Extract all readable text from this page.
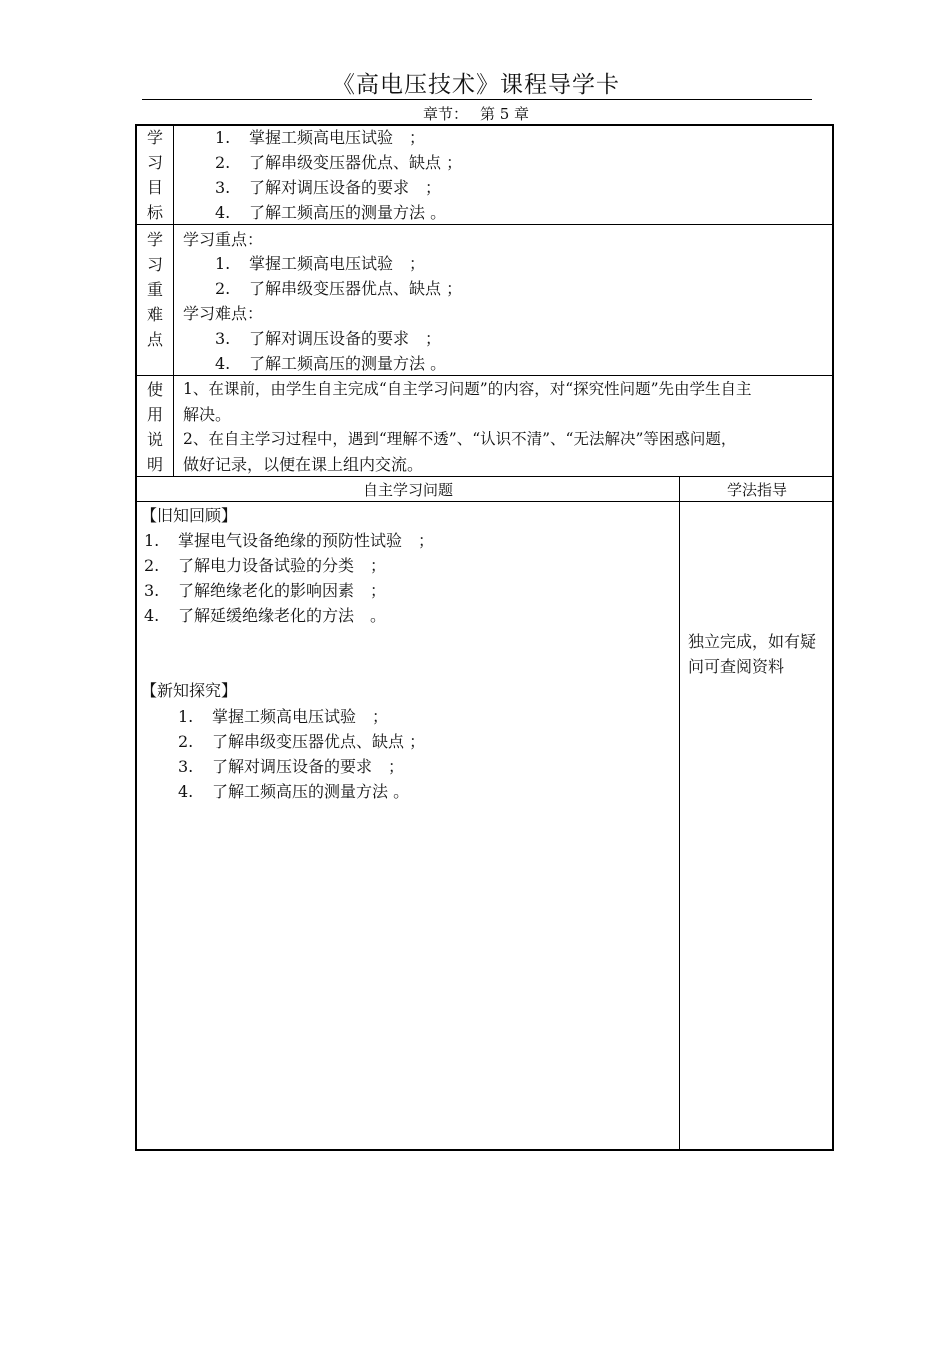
《高电压技术》课程导学卡
章节： 第 5 章
学
习
目
标
1. 掌握工频高电压试验　；
2. 了解串级变压器优点、缺点 ；
3. 了解对调压设备的要求　；
4. 了解工频高压的测量方法 。
学
习
重
难
点
学习重点：
1. 掌握工频高电压试验　；
2. 了解串级变压器优点、缺点 ；
学习难点：
3. 了解对调压设备的要求　；
4. 了解工频高压的测量方法 。
使
用
说
明
1、在课前，由学生自主完成“自主学习问题”的内容，对“探究性问题”先由学生自主
解决。
2、在自主学习过程中，遇到“理解不透”、“认识不清”、“无法解决”等困惑问题，
做好记录，以便在课上组内交流。
自主学习问题	学法指导
【旧知回顾】
1. 掌握电气设备绝缘的预防性试验　；
2. 了解电力设备试验的分类　；
3. 了解绝缘老化的影响因素　；
4. 了解延缓绝缘老化的方法　。
独立完成，如有疑
问可查阅资料
【新知探究】
1. 掌握工频高电压试验　；
2. 了解串级变压器优点、缺点 ；
3. 了解对调压设备的要求　；
4. 了解工频高压的测量方法 。
